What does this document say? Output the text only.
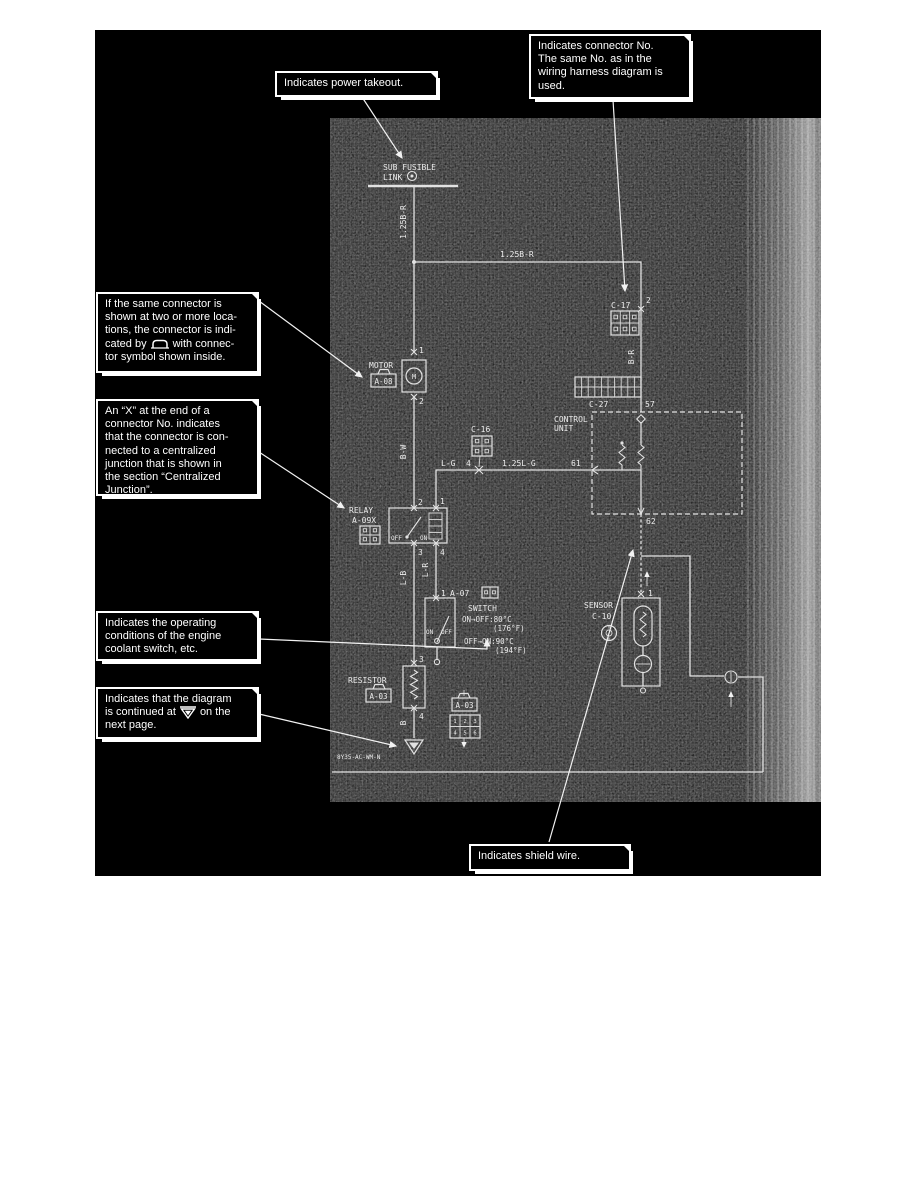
SUB FUSIBLE
LINK
1.25B-R
1.25B-R
B-R
B-W
L-G	1.25L-G
L-B
L-R
B
2
C-17
C-27	57
CONTROL
UNIT
61
62
C-16
4
1
M
2
MOTOR
A-08
2 1
3 4
OFF	ON
RELAY
A-09X
1 A-07
ON OFF
SWITCH
ON→OFF:80°C
(176°F)
OFF→ON:90°C
(194°F)
3
4
RESISTOR
A-03
A-03
1 2 3
4 5 6
1
SENSOR
C-10
8Y35-AC-WM-N
Indicates power takeout.
Indicates connector No.
The same No. as in the
wiring harness diagram is
used.
If the same connector is
shown at two or more loca-
tions, the connector is indi-
cated by with connec-
tor symbol shown inside.
An “X” at the end of a
connector No. indicates
that the connector is con-
nected to a centralized
junction that is shown in
the section “Centralized
Junction”.
Indicates the operating
conditions of the engine
coolant switch, etc.
Indicates that the diagram
is continued at on the
next page.
Indicates shield wire.
